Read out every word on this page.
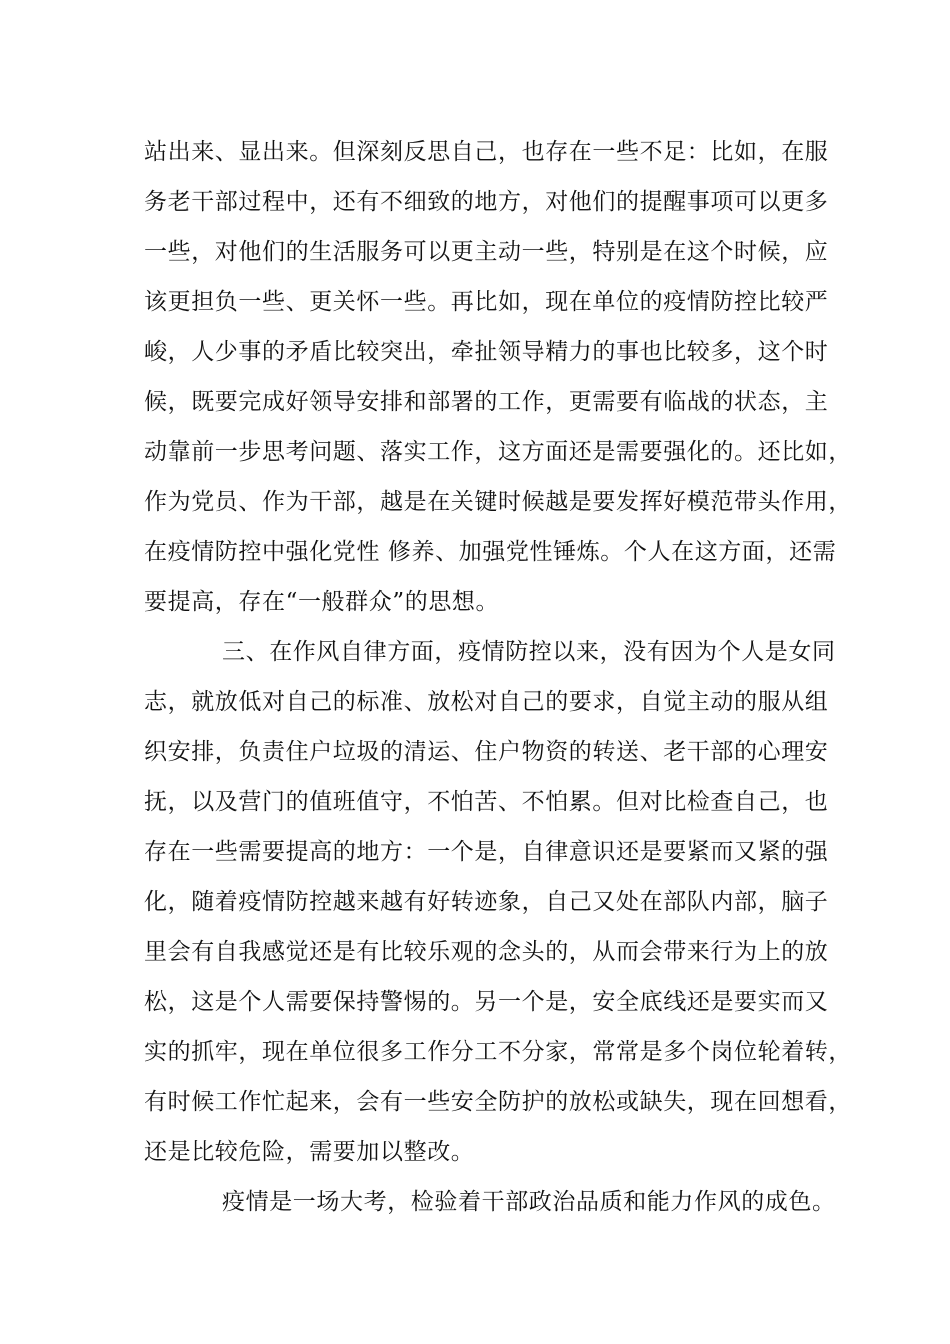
站出来、显出来。但深刻反思自己，也存在一些不足：比如，在服
务老干部过程中，还有不细致的地方，对他们的提醒事项可以更多
一些，对他们的生活服务可以更主动一些，特别是在这个时候，应
该更担负一些、更关怀一些。再比如，现在单位的疫情防控比较严
峻，人少事的矛盾比较突出，牵扯领导精力的事也比较多，这个时
候，既要完成好领导安排和部署的工作，更需要有临战的状态，主
动靠前一步思考问题、落实工作，这方面还是需要强化的。还比如，
作为党员、作为干部，越是在关键时候越是要发挥好模范带头作用，
在疫情防控中强化党性 修养、加强党性锤炼。个人在这方面，还需
要提高，存在“一般群众”的思想。
三、在作风自律方面，疫情防控以来，没有因为个人是女同
志，就放低对自己的标准、放松对自己的要求，自觉主动的服从组
织安排，负责住户垃圾的清运、住户物资的转送、老干部的心理安
抚，以及营门的值班值守，不怕苦、不怕累。但对比检查自己，也
存在一些需要提高的地方：一个是，自律意识还是要紧而又紧的强
化，随着疫情防控越来越有好转迹象，自己又处在部队内部，脑子
里会有自我感觉还是有比较乐观的念头的，从而会带来行为上的放
松，这是个人需要保持警惕的。另一个是，安全底线还是要实而又
实的抓牢，现在单位很多工作分工不分家，常常是多个岗位轮着转，
有时候工作忙起来，会有一些安全防护的放松或缺失，现在回想看，
还是比较危险，需要加以整改。
疫情是一场大考，检验着干部政治品质和能力作风的成色。
